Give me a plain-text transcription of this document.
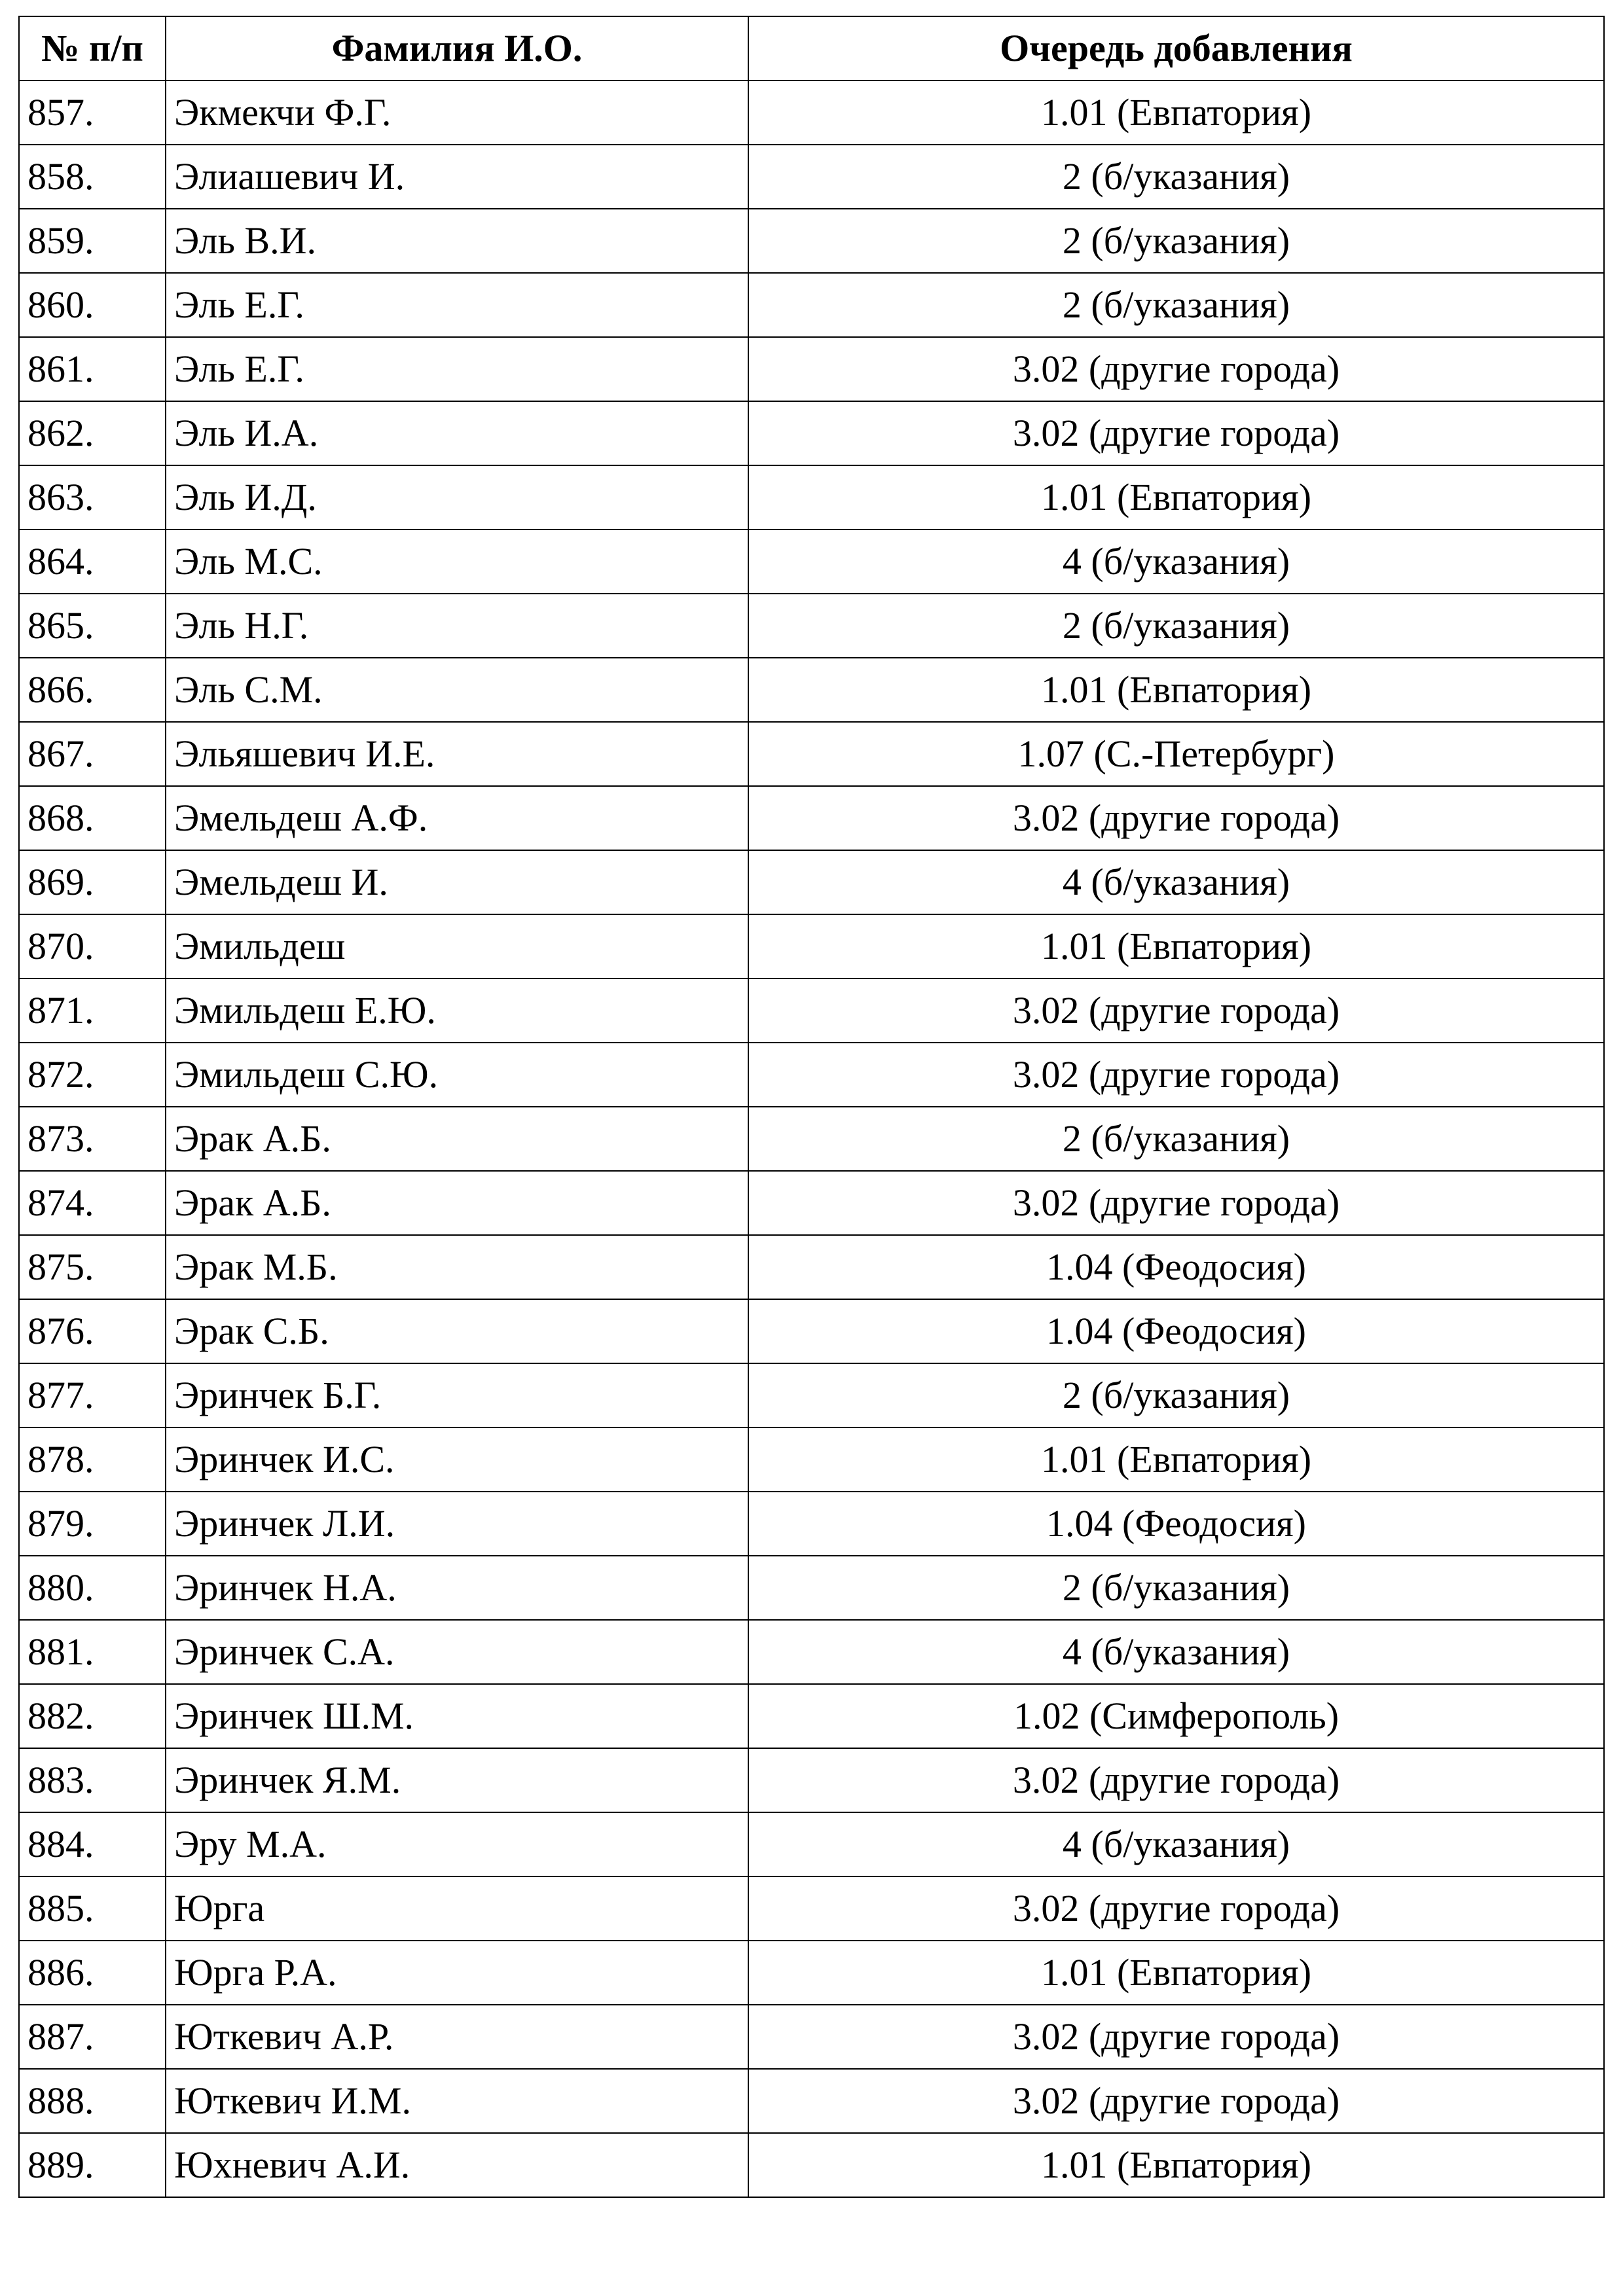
№ п/п	Фамилия И.О.	Очередь добавления
857.	Экмекчи Ф.Г.	1.01 (Евпатория)
858.	Элиашевич И.	2 (б/указания)
859.	Эль В.И.	2 (б/указания)
860.	Эль Е.Г.	2 (б/указания)
861.	Эль Е.Г.	3.02 (другие города)
862.	Эль И.А.	3.02 (другие города)
863.	Эль И.Д.	1.01 (Евпатория)
864.	Эль М.С.	4 (б/указания)
865.	Эль Н.Г.	2 (б/указания)
866.	Эль С.М.	1.01 (Евпатория)
867.	Эльяшевич И.Е.	1.07 (С.-Петербург)
868.	Эмельдеш А.Ф.	3.02 (другие города)
869.	Эмельдеш И.	4 (б/указания)
870.	Эмильдеш	1.01 (Евпатория)
871.	Эмильдеш Е.Ю.	3.02 (другие города)
872.	Эмильдеш С.Ю.	3.02 (другие города)
873.	Эрак А.Б.	2 (б/указания)
874.	Эрак А.Б.	3.02 (другие города)
875.	Эрак М.Б.	1.04 (Феодосия)
876.	Эрак С.Б.	1.04 (Феодосия)
877.	Эринчек Б.Г.	2 (б/указания)
878.	Эринчек И.С.	1.01 (Евпатория)
879.	Эринчек Л.И.	1.04 (Феодосия)
880.	Эринчек Н.А.	2 (б/указания)
881.	Эринчек С.А.	4 (б/указания)
882.	Эринчек Ш.М.	1.02 (Симферополь)
883.	Эринчек Я.М.	3.02 (другие города)
884.	Эру М.А.	4 (б/указания)
885.	Юрга	3.02 (другие города)
886.	Юрга Р.А.	1.01 (Евпатория)
887.	Юткевич А.Р.	3.02 (другие города)
888.	Юткевич И.М.	3.02 (другие города)
889.	Юхневич А.И.	1.01 (Евпатория)
